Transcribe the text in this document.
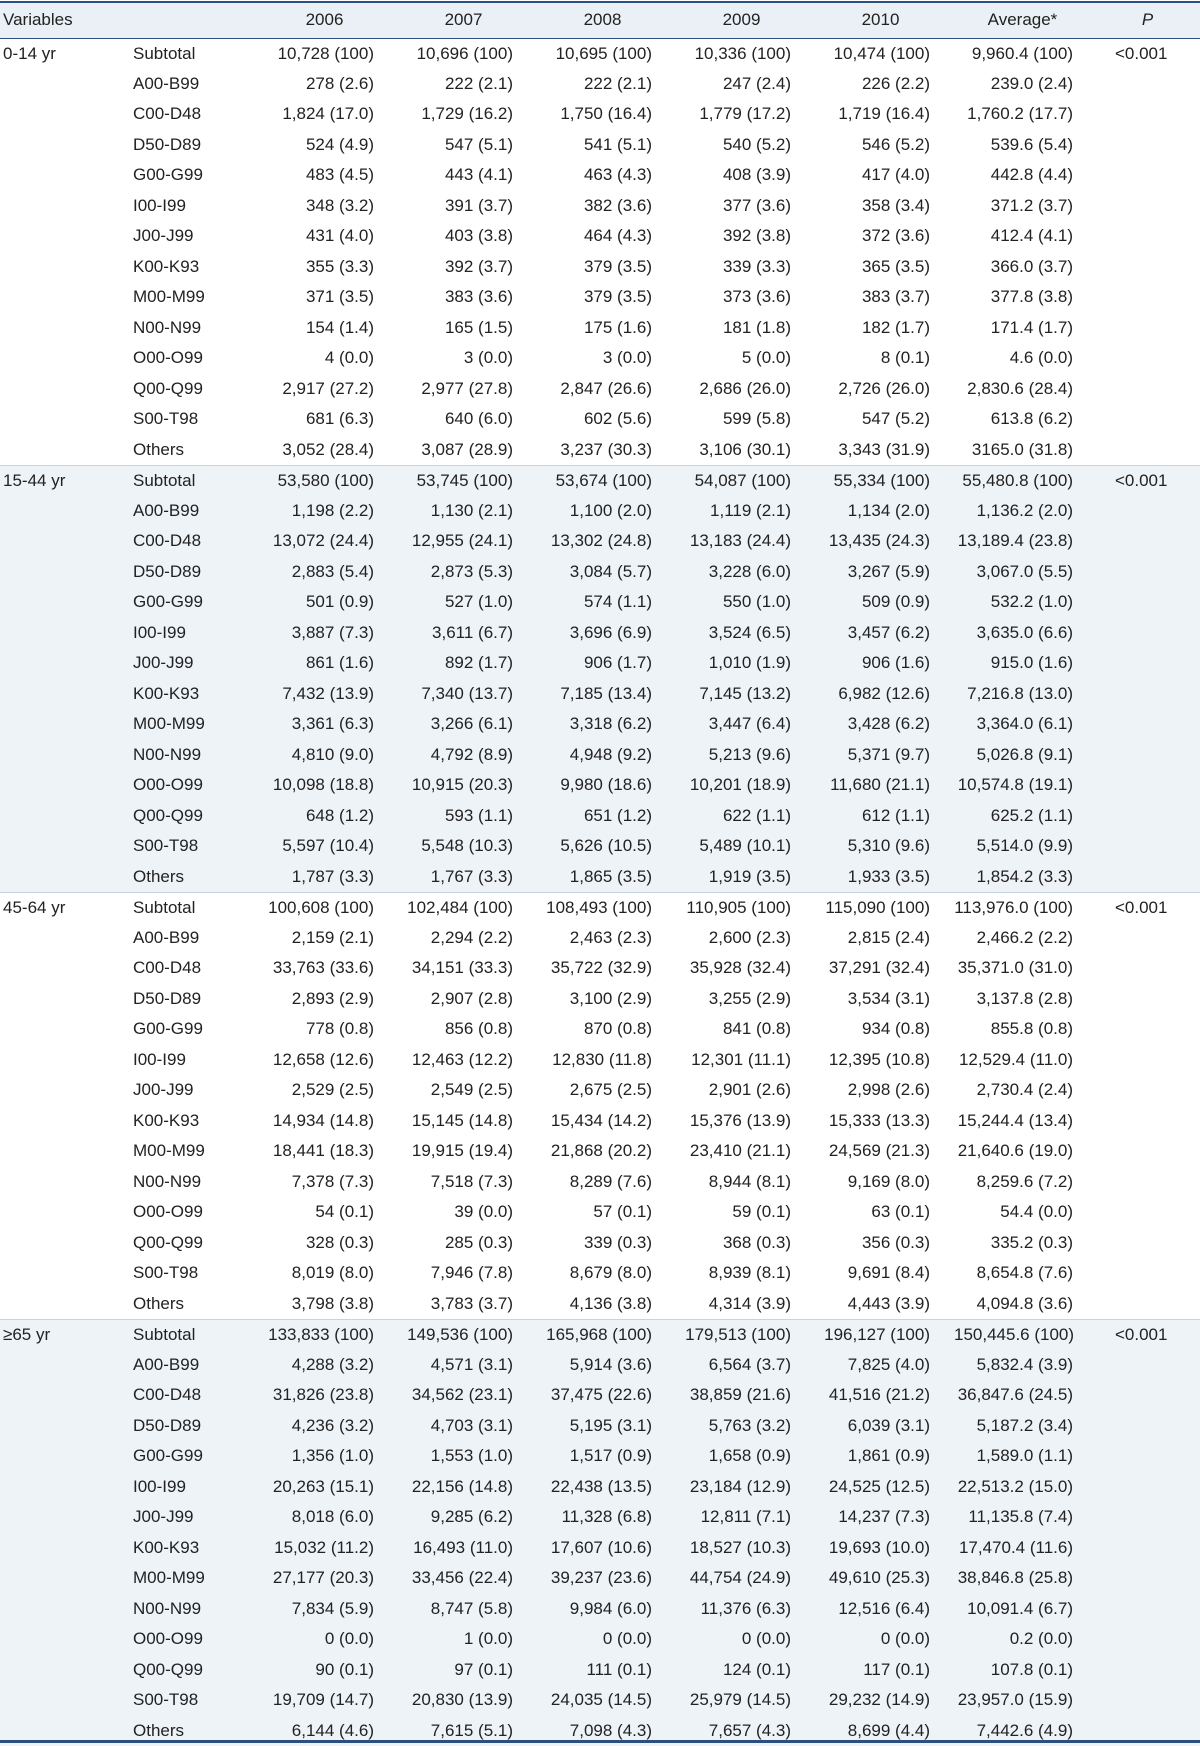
Variables		2006	2007	2008	2009	2010	Average*	P
0-14 yr	Subtotal	10,728 (100)	10,696 (100)	10,695 (100)	10,336 (100)	10,474 (100)	9,960.4 (100)	<0.001
	A00-B99	278 (2.6)	222 (2.1)	222 (2.1)	247 (2.4)	226 (2.2)	239.0 (2.4)	
	C00-D48	1,824 (17.0)	1,729 (16.2)	1,750 (16.4)	1,779 (17.2)	1,719 (16.4)	1,760.2 (17.7)	
	D50-D89	524 (4.9)	547 (5.1)	541 (5.1)	540 (5.2)	546 (5.2)	539.6 (5.4)	
	G00-G99	483 (4.5)	443 (4.1)	463 (4.3)	408 (3.9)	417 (4.0)	442.8 (4.4)	
	I00-I99	348 (3.2)	391 (3.7)	382 (3.6)	377 (3.6)	358 (3.4)	371.2 (3.7)	
	J00-J99	431 (4.0)	403 (3.8)	464 (4.3)	392 (3.8)	372 (3.6)	412.4 (4.1)	
	K00-K93	355 (3.3)	392 (3.7)	379 (3.5)	339 (3.3)	365 (3.5)	366.0 (3.7)	
	M00-M99	371 (3.5)	383 (3.6)	379 (3.5)	373 (3.6)	383 (3.7)	377.8 (3.8)	
	N00-N99	154 (1.4)	165 (1.5)	175 (1.6)	181 (1.8)	182 (1.7)	171.4 (1.7)	
	O00-O99	4 (0.0)	3 (0.0)	3 (0.0)	5 (0.0)	8 (0.1)	4.6 (0.0)	
	Q00-Q99	2,917 (27.2)	2,977 (27.8)	2,847 (26.6)	2,686 (26.0)	2,726 (26.0)	2,830.6 (28.4)	
	S00-T98	681 (6.3)	640 (6.0)	602 (5.6)	599 (5.8)	547 (5.2)	613.8 (6.2)	
	Others	3,052 (28.4)	3,087 (28.9)	3,237 (30.3)	3,106 (30.1)	3,343 (31.9)	3165.0 (31.8)	
15-44 yr	Subtotal	53,580 (100)	53,745 (100)	53,674 (100)	54,087 (100)	55,334 (100)	55,480.8 (100)	<0.001
	A00-B99	1,198 (2.2)	1,130 (2.1)	1,100 (2.0)	1,119 (2.1)	1,134 (2.0)	1,136.2 (2.0)	
	C00-D48	13,072 (24.4)	12,955 (24.1)	13,302 (24.8)	13,183 (24.4)	13,435 (24.3)	13,189.4 (23.8)	
	D50-D89	2,883 (5.4)	2,873 (5.3)	3,084 (5.7)	3,228 (6.0)	3,267 (5.9)	3,067.0 (5.5)	
	G00-G99	501 (0.9)	527 (1.0)	574 (1.1)	550 (1.0)	509 (0.9)	532.2 (1.0)	
	I00-I99	3,887 (7.3)	3,611 (6.7)	3,696 (6.9)	3,524 (6.5)	3,457 (6.2)	3,635.0 (6.6)	
	J00-J99	861 (1.6)	892 (1.7)	906 (1.7)	1,010 (1.9)	906 (1.6)	915.0 (1.6)	
	K00-K93	7,432 (13.9)	7,340 (13.7)	7,185 (13.4)	7,145 (13.2)	6,982 (12.6)	7,216.8 (13.0)	
	M00-M99	3,361 (6.3)	3,266 (6.1)	3,318 (6.2)	3,447 (6.4)	3,428 (6.2)	3,364.0 (6.1)	
	N00-N99	4,810 (9.0)	4,792 (8.9)	4,948 (9.2)	5,213 (9.6)	5,371 (9.7)	5,026.8 (9.1)	
	O00-O99	10,098 (18.8)	10,915 (20.3)	9,980 (18.6)	10,201 (18.9)	11,680 (21.1)	10,574.8 (19.1)	
	Q00-Q99	648 (1.2)	593 (1.1)	651 (1.2)	622 (1.1)	612 (1.1)	625.2 (1.1)	
	S00-T98	5,597 (10.4)	5,548 (10.3)	5,626 (10.5)	5,489 (10.1)	5,310 (9.6)	5,514.0 (9.9)	
	Others	1,787 (3.3)	1,767 (3.3)	1,865 (3.5)	1,919 (3.5)	1,933 (3.5)	1,854.2 (3.3)	
45-64 yr	Subtotal	100,608 (100)	102,484 (100)	108,493 (100)	110,905 (100)	115,090 (100)	113,976.0 (100)	<0.001
	A00-B99	2,159 (2.1)	2,294 (2.2)	2,463 (2.3)	2,600 (2.3)	2,815 (2.4)	2,466.2 (2.2)	
	C00-D48	33,763 (33.6)	34,151 (33.3)	35,722 (32.9)	35,928 (32.4)	37,291 (32.4)	35,371.0 (31.0)	
	D50-D89	2,893 (2.9)	2,907 (2.8)	3,100 (2.9)	3,255 (2.9)	3,534 (3.1)	3,137.8 (2.8)	
	G00-G99	778 (0.8)	856 (0.8)	870 (0.8)	841 (0.8)	934 (0.8)	855.8 (0.8)	
	I00-I99	12,658 (12.6)	12,463 (12.2)	12,830 (11.8)	12,301 (11.1)	12,395 (10.8)	12,529.4 (11.0)	
	J00-J99	2,529 (2.5)	2,549 (2.5)	2,675 (2.5)	2,901 (2.6)	2,998 (2.6)	2,730.4 (2.4)	
	K00-K93	14,934 (14.8)	15,145 (14.8)	15,434 (14.2)	15,376 (13.9)	15,333 (13.3)	15,244.4 (13.4)	
	M00-M99	18,441 (18.3)	19,915 (19.4)	21,868 (20.2)	23,410 (21.1)	24,569 (21.3)	21,640.6 (19.0)	
	N00-N99	7,378 (7.3)	7,518 (7.3)	8,289 (7.6)	8,944 (8.1)	9,169 (8.0)	8,259.6 (7.2)	
	O00-O99	54 (0.1)	39 (0.0)	57 (0.1)	59 (0.1)	63 (0.1)	54.4 (0.0)	
	Q00-Q99	328 (0.3)	285 (0.3)	339 (0.3)	368 (0.3)	356 (0.3)	335.2 (0.3)	
	S00-T98	8,019 (8.0)	7,946 (7.8)	8,679 (8.0)	8,939 (8.1)	9,691 (8.4)	8,654.8 (7.6)	
	Others	3,798 (3.8)	3,783 (3.7)	4,136 (3.8)	4,314 (3.9)	4,443 (3.9)	4,094.8 (3.6)	
≥65 yr	Subtotal	133,833 (100)	149,536 (100)	165,968 (100)	179,513 (100)	196,127 (100)	150,445.6 (100)	<0.001
	A00-B99	4,288 (3.2)	4,571 (3.1)	5,914 (3.6)	6,564 (3.7)	7,825 (4.0)	5,832.4 (3.9)	
	C00-D48	31,826 (23.8)	34,562 (23.1)	37,475 (22.6)	38,859 (21.6)	41,516 (21.2)	36,847.6 (24.5)	
	D50-D89	4,236 (3.2)	4,703 (3.1)	5,195 (3.1)	5,763 (3.2)	6,039 (3.1)	5,187.2 (3.4)	
	G00-G99	1,356 (1.0)	1,553 (1.0)	1,517 (0.9)	1,658 (0.9)	1,861 (0.9)	1,589.0 (1.1)	
	I00-I99	20,263 (15.1)	22,156 (14.8)	22,438 (13.5)	23,184 (12.9)	24,525 (12.5)	22,513.2 (15.0)	
	J00-J99	8,018 (6.0)	9,285 (6.2)	11,328 (6.8)	12,811 (7.1)	14,237 (7.3)	11,135.8 (7.4)	
	K00-K93	15,032 (11.2)	16,493 (11.0)	17,607 (10.6)	18,527 (10.3)	19,693 (10.0)	17,470.4 (11.6)	
	M00-M99	27,177 (20.3)	33,456 (22.4)	39,237 (23.6)	44,754 (24.9)	49,610 (25.3)	38,846.8 (25.8)	
	N00-N99	7,834 (5.9)	8,747 (5.8)	9,984 (6.0)	11,376 (6.3)	12,516 (6.4)	10,091.4 (6.7)	
	O00-O99	0 (0.0)	1 (0.0)	0 (0.0)	0 (0.0)	0 (0.0)	0.2 (0.0)	
	Q00-Q99	90 (0.1)	97 (0.1)	111 (0.1)	124 (0.1)	117 (0.1)	107.8 (0.1)	
	S00-T98	19,709 (14.7)	20,830 (13.9)	24,035 (14.5)	25,979 (14.5)	29,232 (14.9)	23,957.0 (15.9)	
	Others	6,144 (4.6)	7,615 (5.1)	7,098 (4.3)	7,657 (4.3)	8,699 (4.4)	7,442.6 (4.9)	
